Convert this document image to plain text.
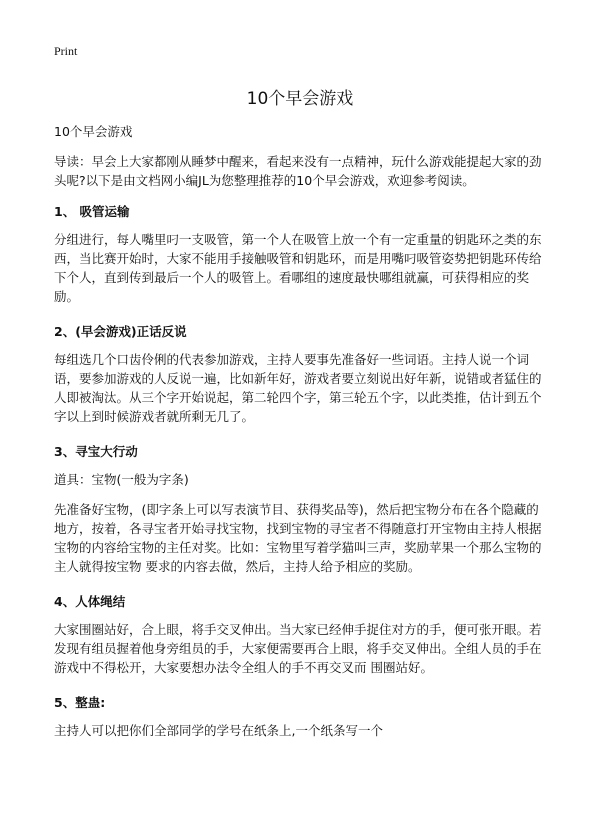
Print
10个早会游戏

10个早会游戏

导读：早会上大家都刚从睡梦中醒来，看起来没有一点精神，玩什么游戏能提起大家的劲头呢?以下是由文档网小编JL为您整理推荐的10个早会游戏，欢迎参考阅读。

1、 吸管运输

分组进行，每人嘴里叼一支吸管，第一个人在吸管上放一个有一定重量的钥匙环之类的东西，当比赛开始时，大家不能用手接触吸管和钥匙环，而是用嘴叼吸管姿势把钥匙环传给下个人，直到传到最后一个人的吸管上。看哪组的速度最快哪组就赢，可获得相应的奖励。

2、(早会游戏)正话反说

每组选几个口齿伶俐的代表参加游戏，主持人要事先准备好一些词语。主持人说一个词语，要参加游戏的人反说一遍，比如新年好，游戏者要立刻说出好年新，说错或者猛住的人即被淘汰。从三个字开始说起，第二轮四个字，第三轮五个字，以此类推，估计到五个字以上到时候游戏者就所剩无几了。

3、寻宝大行动

道具：宝物(一般为字条)

先准备好宝物，(即字条上可以写表演节目、获得奖品等)，然后把宝物分布在各个隐藏的地方，按着，各寻宝者开始寻找宝物，找到宝物的寻宝者不得随意打开宝物由主持人根据宝物的内容给宝物的主任对奖。比如：宝物里写着学猫叫三声，奖励苹果一个那么宝物的主人就得按宝物 要求的内容去做，然后，主持人给予相应的奖励。

4、人体绳结

大家围圈站好，合上眼，将手交叉伸出。当大家已经伸手捉住对方的手，便可张开眼。若发现有组员握着他身旁组员的手，大家便需要再合上眼，将手交叉伸出。全组人员的手在游戏中不得松开，大家要想办法令全组人的手不再交叉而 围圈站好。

5、整蛊:

主持人可以把你们全部同学的学号在纸条上,一个纸条写一个
